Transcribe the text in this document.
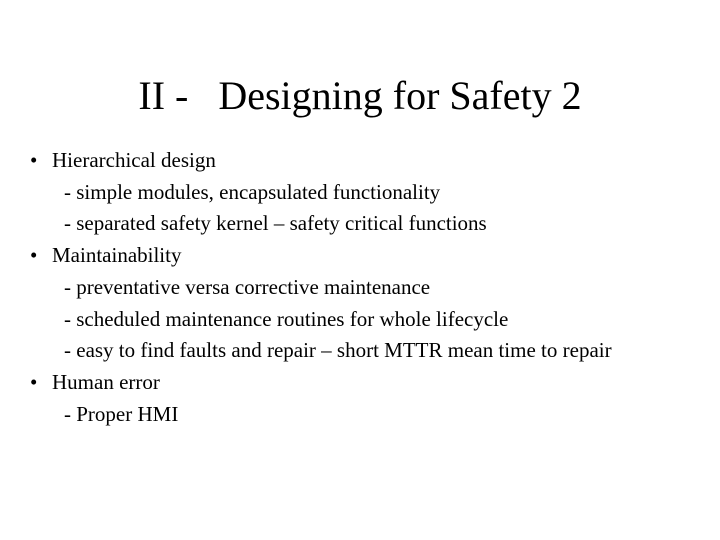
II -   Designing for Safety 2
• Hierarchical design
- simple modules, encapsulated functionality
- separated safety kernel – safety critical functions
• Maintainability
- preventative versa corrective maintenance
- scheduled maintenance routines for whole lifecycle
- easy to find faults and repair – short MTTR mean time to repair
• Human error
- Proper HMI
